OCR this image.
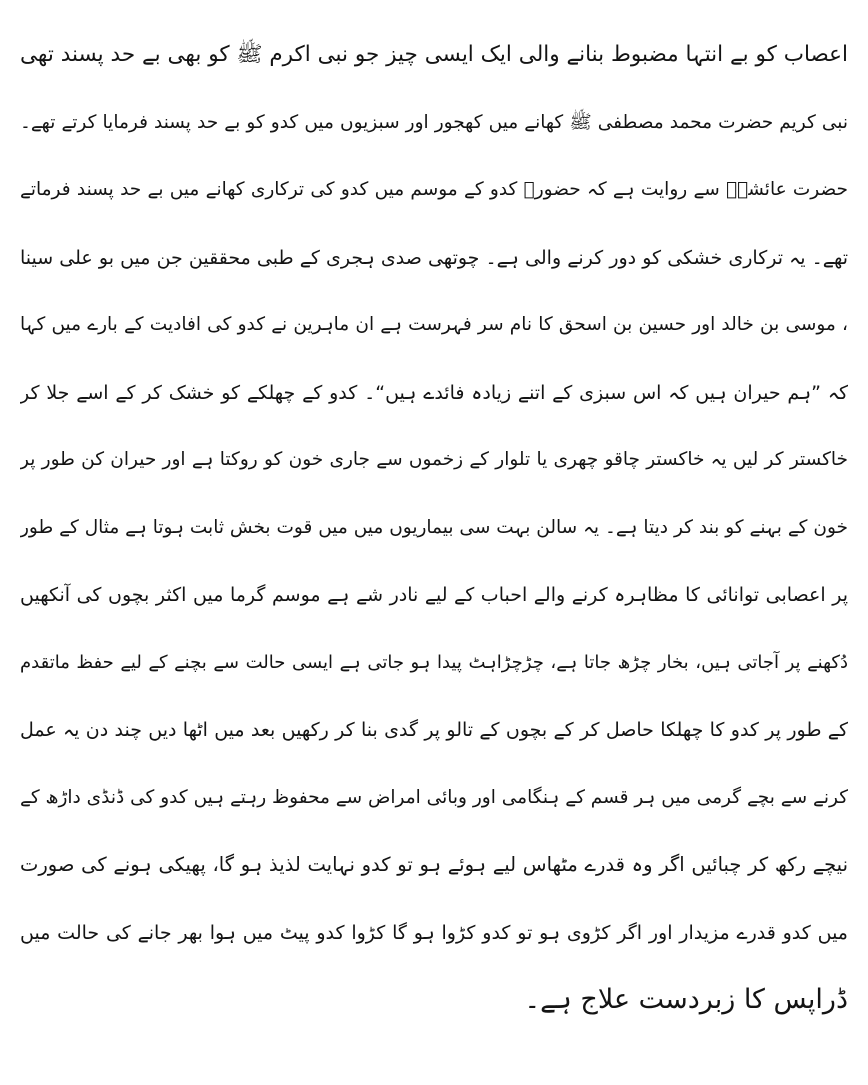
اعصاب کو بے انتہا مضبوط بنانے والی ایک ایسی چیز جو نبی اکرم ﷺ کو بھی بے حد پسند تھی
نبی کریم حضرت محمد مصطفی ﷺ کھانے میں کھجور اور سبزیوں میں کدو کو بے حد پسند فرمایا کرتے تھے۔
حضرت عائشہؓ سے روایت ہے کہ حضورؐ کدو کے موسم میں کدو کی ترکاری کھانے میں بے حد پسند فرماتے
تھے۔ یہ ترکاری خشکی کو دور کرنے والی ہے۔ چوتھی صدی ہجری کے طبی محققین جن میں بو علی سینا
، موسی بن خالد اور حسین بن اسحق کا نام سر فہرست ہے ان ماہرین نے کدو کی افادیت کے بارے میں کہا
کہ ”ہم حیران ہیں کہ اس سبزی کے اتنے زیادہ فائدے ہیں“۔ کدو کے چھلکے کو خشک کر کے اسے جلا کر
خاکستر کر لیں یہ خاکستر چاقو چھری یا تلوار کے زخموں سے جاری خون کو روکتا ہے اور حیران کن طور پر
خون کے بہنے کو بند کر دیتا ہے۔ یہ سالن بہت سی بیماریوں میں میں قوت بخش ثابت ہوتا ہے مثال کے طور
پر اعصابی توانائی کا مظاہرہ کرنے والے احباب کے لیے نادر شے ہے موسم گرما میں اکثر بچوں کی آنکھیں
دُکھنے پر آجاتی ہیں، بخار چڑھ جاتا ہے، چڑچڑاہٹ پیدا ہو جاتی ہے ایسی حالت سے بچنے کے لیے حفظ ماتقدم
کے طور پر کدو کا چھلکا حاصل کر کے بچوں کے تالو پر گدی بنا کر رکھیں بعد میں اٹھا دیں چند دن یہ عمل
کرنے سے بچے گرمی میں ہر قسم کے ہنگامی اور وبائی امراض سے محفوظ رہتے ہیں کدو کی ڈنڈی داڑھ کے
نیچے رکھ کر چبائیں اگر وہ قدرے مٹھاس لیے ہوئے ہو تو کدو نہایت لذیذ ہو گا، پھیکی ہونے کی صورت
میں کدو قدرے مزیدار اور اگر کڑوی ہو تو کدو کڑوا ہو گا کڑوا کدو پیٹ میں ہوا بھر جانے کی حالت میں
ڈراپس کا زبردست علاج ہے۔
